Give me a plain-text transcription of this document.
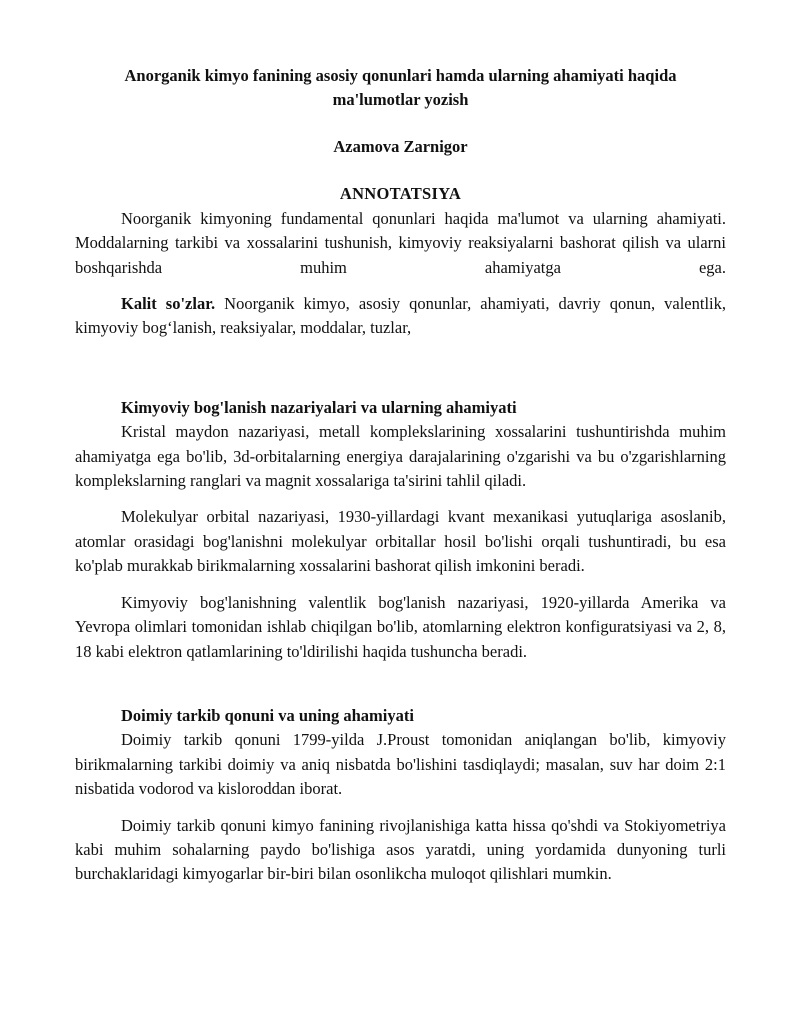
Anorganik kimyo fanining asosiy qonunlari hamda ularning ahamiyati haqida
ma'lumotlar yozish

Azamova Zarnigor

ANNOTATSIYA

Noorganik kimyoning fundamental qonunlari haqida ma'lumot va ularning ahamiyati. Moddalarning tarkibi va xossalarini tushunish, kimyoviy reaksiyalarni bashorat qilish va ularni boshqarishda muhim ahamiyatga ega.

Kalit so'zlar. Noorganik kimyo, asosiy qonunlar, ahamiyati, davriy qonun, valentlik, kimyoviy bog‘lanish, reaksiyalar, moddalar, tuzlar,

Kimyoviy bog'lanish nazariyalari va ularning ahamiyati

Kristal maydon nazariyasi, metall komplekslarining xossalarini tushuntirishda muhim ahamiyatga ega bo'lib, 3d-orbitalarning energiya darajalarining o'zgarishi va bu o'zgarishlarning komplekslarning ranglari va magnit xossalariga ta'sirini tahlil qiladi.

Molekulyar orbital nazariyasi, 1930-yillardagi kvant mexanikasi yutuqlariga asoslanib, atomlar orasidagi bog'lanishni molekulyar orbitallar hosil bo'lishi orqali tushuntiradi, bu esa ko'plab murakkab birikmalarning xossalarini bashorat qilish imkonini beradi.

Kimyoviy bog'lanishning valentlik bog'lanish nazariyasi, 1920-yillarda Amerika va Yevropa olimlari tomonidan ishlab chiqilgan bo'lib, atomlarning elektron konfiguratsiyasi va 2, 8, 18 kabi elektron qatlamlarining to'ldirilishi haqida tushuncha beradi.

Doimiy tarkib qonuni va uning ahamiyati

Doimiy tarkib qonuni 1799-yilda J.Proust tomonidan aniqlangan bo'lib, kimyoviy birikmalarning tarkibi doimiy va aniq nisbatda bo'lishini tasdiqlaydi; masalan, suv har doim 2:1 nisbatida vodorod va kisloroddan iborat.

Doimiy tarkib qonuni kimyo fanining rivojlanishiga katta hissa qo'shdi va Stokiyometriya kabi muhim sohalarning paydo bo'lishiga asos yaratdi, uning yordamida dunyoning turli burchaklaridagi kimyogarlar bir-biri bilan osonlikcha muloqot qilishlari mumkin.
